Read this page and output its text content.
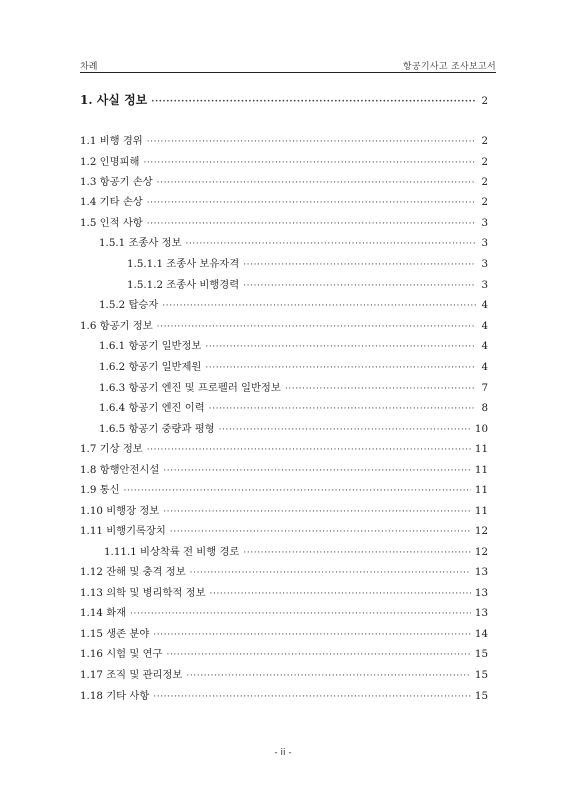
차례	항공기사고 조사보고서
1. 사실 정보 ·····	2
1.1 비행 경위 ·····	2
1.2 인명피해 ·····	2
1.3 항공기 손상 ·····	2
1.4 기타 손상 ·····	2
1.5 인적 사항 ·····	3
1.5.1 조종사 정보 ·····	3
1.5.1.1 조종사 보유자격 ·····	3
1.5.1.2 조종사 비행경력 ·····	3
1.5.2 탑승자 ·····	4
1.6 항공기 정보 ·····	4
1.6.1 항공기 일반정보 ·····	4
1.6.2 항공기 일반제원 ·····	4
1.6.3 항공기 엔진 및 프로펠러 일반정보 ·····	7
1.6.4 항공기 엔진 이력 ·····	8
1.6.5 항공기 중량과 평형 ·····	10
1.7 기상 정보 ·····	11
1.8 항행안전시설 ·····	11
1.9 통신 ·····	11
1.10 비행장 정보 ·····	11
1.11 비행기록장치 ·····	12
1.11.1 비상착륙 전 비행 경로 ·····	12
1.12 잔해 및 충격 정보 ·····	13
1.13 의학 및 병리학적 정보 ·····	13
1.14 화재 ·····	13
1.15 생존 분야 ·····	14
1.16 시험 및 연구 ·····	15
1.17 조직 및 관리정보 ·····	15
1.18 기타 사항 ·····	15
- ii -
